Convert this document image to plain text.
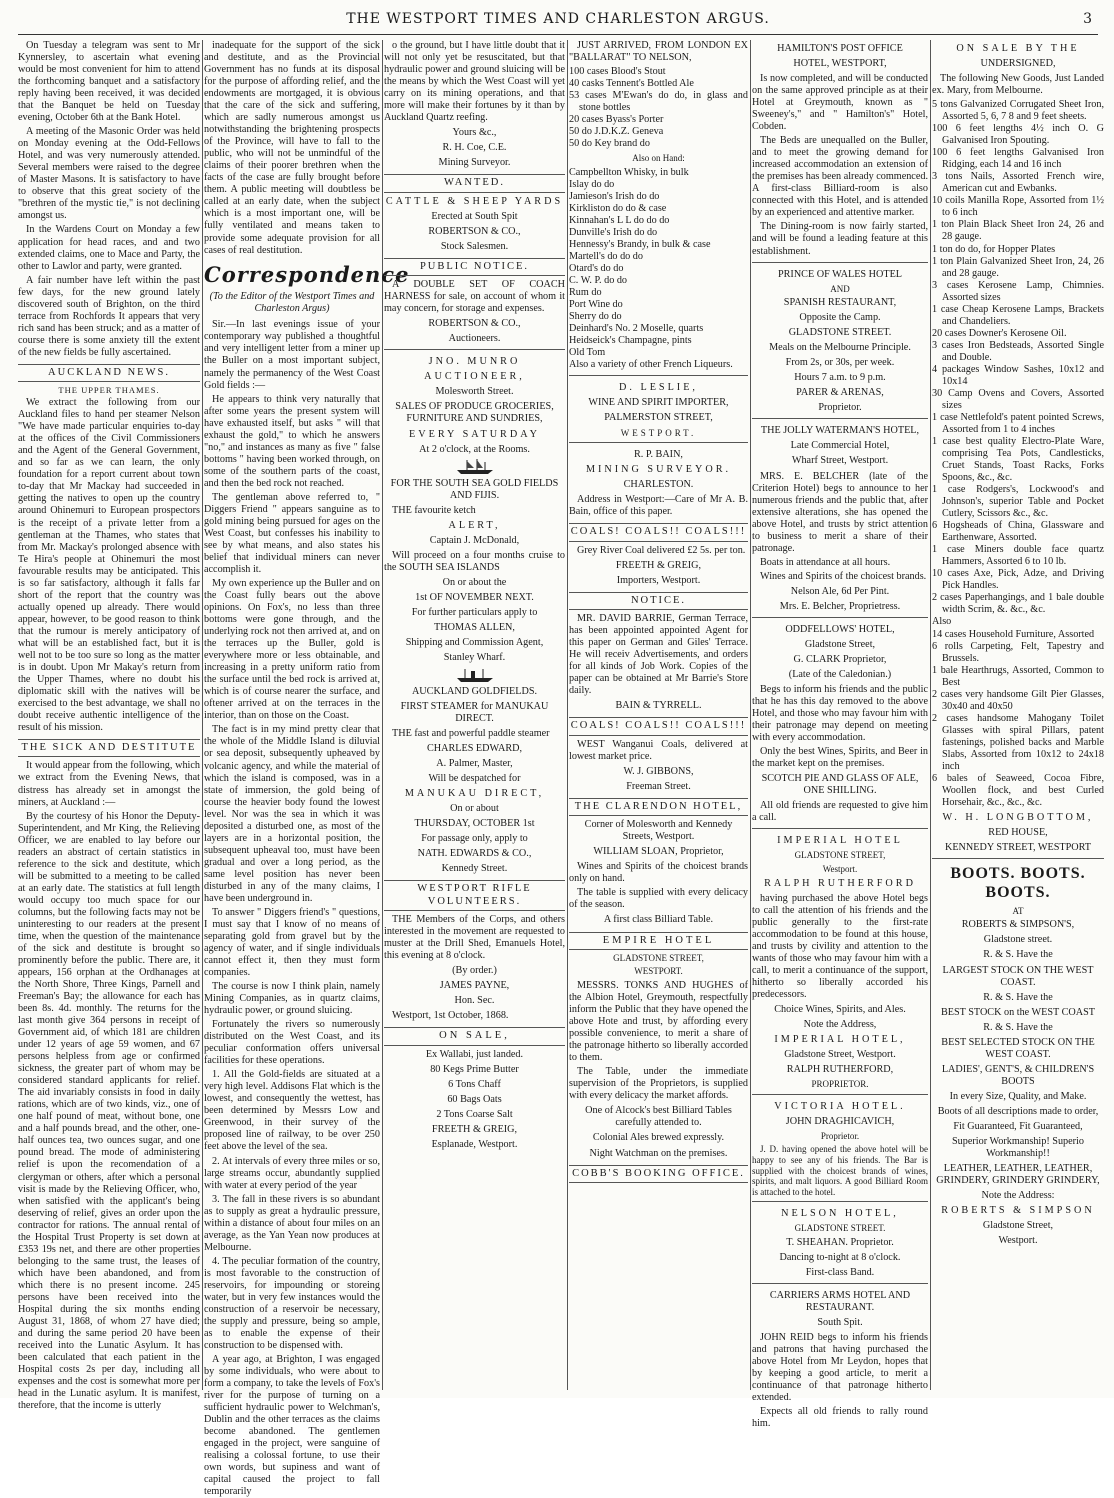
THE WESTPORT TIMES AND CHARLESTON ARGUS.	3

On Tuesday a telegram was sent to Mr Kynnersley, to ascertain what evening would be most convenient for him to attend the forthcoming banquet and a satisfactory reply having been received, it was decided that the Banquet be held on Tuesday evening, October 6th at the Bank Hotel.

A meeting of the Masonic Order was held on Monday evening at the Odd-Fellows Hotel, and was very numerously attended. Several members were raised to the degree of Master Masons. It is satisfactory to have to observe that this great society of the "brethren of the mystic tie," is not declining amongst us.

In the Wardens Court on Monday a few application for head races, and and two extended claims, one to Mace and Party, the other to Lawlor and party, were granted.

A fair number have left within the past few days, for the new ground lately discovered south of Brighton, on the third terrace from Rochfords It appears that very rich sand has been struck; and as a matter of course there is some anxiety till the extent of the new fields be fully ascertained.

AUCKLAND NEWS.
THE UPPER THAMES.

We extract the following from our Auckland files to hand per steamer Nelson "We have made particular enquiries to-day at the offices of the Civil Commissioners and the Agent of the General Government, and so far as we can learn, the only foundation for a report current about town to-day that Mr Mackay had succeeded in getting the natives to open up the country around Ohinemuri to European prospectors is the receipt of a private letter from a gentleman at the Thames, who states that from Mr. Mackay's prolonged absence with Te Hira's people at Ohinemuri the most favourable results may be anticipated. This is so far satisfactory, although it falls far short of the report that the country was actually opened up already. There would appear, however, to be good reason to think that the rumour is merely anticipatory of what will be an established fact, but it is well not to be too sure so long as the matter is in doubt. Upon Mr Makay's return from the Upper Thames, where no doubt his diplomatic skill with the natives will be exercised to the best advantage, we shall no doubt receive authentic intelligence of the result of his mission.

THE SICK AND DESTITUTE

It would appear from the following, which we extract from the Evening News, that distress has already set in amongst the miners, at Auckland :—

By the courtesy of his Honor the Deputy-Superintendent, and Mr King, the Relieving Officer, we are enabled to lay before our readers an abstract of certain statistics in reference to the sick and destitute, which will be submitted to a meeting to be called at an early date. The statistics at full length would occupy too much space for our columns, but the following facts may not be uninteresting to our readers at the present time, when the question of the maintenance of the sick and destitute is brought so prominently before the public. There are, it appears, 156 orphan at the Ordhanages at the North Shore, Three Kings, Parnell and Freeman's Bay; the allowance for each has been 8s. 4d. monthly. The returns for the last month give 364 persons in receipt of Government aid, of which 181 are children under 12 years of age 59 women, and 67 persons helpless from age or confirmed sickness, the greater part of whom may be considered standard applicants for relief. The aid invariably consists in food in daily rations, which are of two kinds, viz., one of one half pound of meat, without bone, one and a half pounds bread, and the other, one-half ounces tea, two ounces sugar, and one pound bread. The mode of administering relief is upon the recomendation of a clergyman or others, after which a personal visit is made by the Relieving Officer, who, when satisfied with the applicant's being deserving of relief, gives an order upon the contractor for rations. The annual rental of the Hospital Trust Property is set down at £353 19s net, and there are other properties belonging to the same trust, the leases of which have been abandoned, and from which there is no present income. 245 persons have been received into the Hospital during the six months ending August 31, 1868, of whom 27 have died; and during the same period 20 have been received into the Lunatic Asylum. It has been calculated that each patient in the Hospital costs 2s per day, including all expenses and the cost is somewhat more per head in the Lunatic asylum. It is manifest, therefore, that the income is utterly

inadequate for the support of the sick and destitute, and as the Provincial Government has no funds at its disposal for the purpose of affording relief, and the endowments are mortgaged, it is obvious that the care of the sick and suffering, which are sadly numerous amongst us notwithstanding the brightening prospects of the Province, will have to fall to the public, who will not be unmindful of the claims of their poorer brethren when the facts of the case are fully brought before them. A public meeting will doubtless be called at an early date, when the subject which is a most important one, will be fully ventilated and means taken to provide some adequate provision for all cases of real destitution.

Correspondence
(To the Editor of the Westport Times and Charleston Argus)

Sir.—In last evenings issue of your contemporary way published a thoughtful and very intelligent letter from a miner up the Buller on a most important subject, namely the permanency of the West Coast Gold fields :—

He appears to think very naturally that after some years the present system will have exhausted itself, but asks " will that exhaust the gold," to which he answers "no," and instances as many as five " false bottoms " having been worked through, on some of the southern parts of the coast, and then the bed rock not reached.

The gentleman above referred to, " Diggers Friend " appears sanguine as to gold mining being pursued for ages on the West Coast, but confesses his inability to see by what means, and also states his belief that individual miners can never accomplish it.

My own experience up the Buller and on the Coast fully bears out the above opinions. On Fox's, no less than three bottoms were gone through, and the underlying rock not then arrived at, and on the terraces up the Buller, gold is everywhere more or less obtainable, and increasing in a pretty uniform ratio from the surface until the bed rock is arrived at, which is of course nearer the surface, and oftener arrived at on the terraces in the interior, than on those on the Coast.

The fact is in my mind pretty clear that the whole of the Middle Island is diluvial or sea deposit, subsequently upheaved by volcanic agency, and while the material of which the island is composed, was in a state of immersion, the gold being of course the heavier body found the lowest level. Nor was the sea in which it was deposited a disturbed one, as most of the layers are in a horizontal position, the subsequent upheaval too, must have been gradual and over a long period, as the same level position has never been disturbed in any of the many claims, I have been underground in.

To answer " Diggers friend's " questions, I must say that I know of no means of separating gold from gravel but by the agency of water, and if single individuals cannot effect it, then they must form companies.

The course is now I think plain, namely Mining Companies, as in quartz claims, hydraulic power, or ground sluicing.

Fortunately the rivers so numerously distributed on the West Coast, and its peculiar conformation offers universal facilities for these operations.

1. All the Gold-fields are situated at a very high level. Addisons Flat which is the lowest, and consequently the wettest, has been determined by Messrs Low and Greenwood, in their survey of the proposed line of railway, to be over 250 feet above the level of the sea.

2. At intervals of every three miles or so, large streams occur, abundantly supplied with water at every period of the year

3. The fall in these rivers is so abundant as to supply as great a hydraulic pressure, within a distance of about four miles on an average, as the Yan Yean now produces at Melbourne.

4. The peculiar formation of the country, is most favorable to the construction of reservoirs, for impounding or storeing water, but in very few instances would the construction of a reservoir be necessary, the supply and pressure, being so ample, as to enable the expense of their construction to be dispensed with.

A year ago, at Brighton, I was engaged by some individuals, who were about to form a company, to take the levels of Fox's river for the purpose of turning on a sufficient hydraulic power to Welchman's, Dublin and the other terraces as the claims become abandoned. The gentlemen engaged in the project, were sanguine of realising a colossal fortune, to use their own words, but supiness and want of capital caused the project to fall temporarily

o the ground, but I have little doubt that it will not only yet be resuscitated, but that hydraulic power and ground sluicing will be the means by which the West Coast will yet carry on its mining operations, and that more will make their fortunes by it than by Auckland Quartz reefing.

Yours &c.,
R. H. Coe, C.E.
Mining Surveyor.
WANTED.
CATTLE & SHEEP YARDS
Erected at South Spit
ROBERTSON & CO.,
Stock Salesmen.
PUBLIC NOTICE.

A DOUBLE SET OF COACH HARNESS for sale, on account of whom it may concern, for storage and expenses.

ROBERTSON & CO.,
Auctioneers.
JNO. MUNRO
AUCTIONEER,
Molesworth Street.
SALES OF PRODUCE GROCERIES, FURNITURE AND SUNDRIES,
EVERY SATURDAY
At 2 o'clock, at the Rooms.
FOR THE SOUTH SEA GOLD FIELDS AND FIJIS.

THE favourite ketch

ALERT,
Captain J. McDonald,

Will proceed on a four months cruise to the SOUTH SEA ISLANDS

On or about the
1st OF NOVEMBER NEXT.
For further particulars apply to
THOMAS ALLEN,
Shipping and Commission Agent,
Stanley Wharf.
AUCKLAND GOLDFIELDS.
FIRST STEAMER for MANUKAU DIRECT.

THE fast and powerful paddle steamer

CHARLES EDWARD,
A. Palmer, Master,
Will be despatched for
MANUKAU DIRECT,
On or about
THURSDAY, OCTOBER 1st
For passage only, apply to
NATH. EDWARDS & CO.,
Kennedy Street.
WESTPORT RIFLE VOLUNTEERS.

THE Members of the Corps, and others interested in the movement are requested to muster at the Drill Shed, Emanuels Hotel, this evening at 8 o'clock.

(By order.)
JAMES PAYNE,
Hon. Sec.

Westport, 1st October, 1868.

ON SALE,
Ex Wallabi, just landed.
80 Kegs Prime Butter
6 Tons Chaff
60 Bags Oats
2 Tons Coarse Salt
FREETH & GREIG,
Esplanade, Westport.

JUST ARRIVED, FROM LONDON EX "BALLARAT" TO NELSON,

100 cases Blood's Stout
40 casks Tennent's Bottled Ale
53 cases M'Ewan's do do, in glass and stone bottles
20 cases Byass's Porter
50 do J.D.K.Z. Geneva
50 do Key brand do
Also on Hand:
Campbellton Whisky, in bulk
Islay do do
Jamieson's Irish do do
Kirkliston do do & case
Kinnahan's L L do do do
Dunville's Irish do do
Hennessy's Brandy, in bulk & case
Martell's do do do
Otard's do do
C. W. P. do do
Rum do
Port Wine do
Sherry do do
Deinhard's No. 2 Moselle, quarts
Heidseick's Champagne, pints
Old Tom
Also a variety of other French Liqueurs.
D. LESLIE,
WINE AND SPIRIT IMPORTER,
PALMERSTON STREET,
WESTPORT.
R. P. BAIN,
MINING SURVEYOR.
CHARLESTON.

Address in Westport:—Care of Mr A. B. Bain, office of this paper.

COALS! COALS!! COALS!!!

Grey River Coal delivered £2 5s. per ton.

FREETH & GREIG,
Importers, Westport.
NOTICE.

MR. DAVID BARRIE, German Terrace, has been appointed appointed Agent for this paper on German and Giles' Terrace. He will receiv Advertisements, and orders for all kinds of Job Work. Copies of the paper can be obtained at Mr Barrie's Store daily.

BAIN & TYRRELL.
COALS! COALS!! COALS!!!

WEST Wanganui Coals, delivered at lowest market price.

W. J. GIBBONS,
Freeman Street.
THE CLARENDON HOTEL,
Corner of Molesworth and Kennedy Streets, Westport.
WILLIAM SLOAN, Proprietor,

Wines and Spirits of the choicest brands only on hand.

The table is supplied with every delicacy of the season.

A first class Billiard Table.
EMPIRE HOTEL
GLADSTONE STREET,
WESTPORT.

MESSRS. TONKS AND HUGHES of the Albion Hotel, Greymouth, respectfully inform the Public that they have opened the above Hote and trust, by affording every possible convenience, to merit a share of the patronage hitherto so liberally accorded to them.

The Table, under the immediate supervision of the Proprietors, is supplied with every delicacy the market affords.

One of Alcock's best Billiard Tables carefully attended to.
Colonial Ales brewed expressly.
Night Watchman on the premises.
COBB'S BOOKING OFFICE.
HAMILTON'S POST OFFICE
HOTEL, WESTPORT,

Is now completed, and will be conducted on the same approved principle as at their Hotel at Greymouth, known as " Sweeney's," and " Hamilton's" Hotel, Cobden.

The Beds are unequalled on the Buller, and to meet the growing demand for increased accommodation an extension of the premises has been already commenced. A first-class Billiard-room is also connected with this Hotel, and is attended by an experienced and attentive marker.

The Dining-room is now fairly started, and will be found a leading feature at this establishment.

PRINCE OF WALES HOTEL
AND
SPANISH RESTAURANT,
Opposite the Camp.
GLADSTONE STREET.
Meals on the Melbourne Principle.
From 2s, or 30s, per week.
Hours 7 a.m. to 9 p.m.
PARER & ARENAS,
Proprietor.
THE JOLLY WATERMAN'S HOTEL,
Late Commercial Hotel,
Wharf Street, Westport.

MRS. E. BELCHER (late of the Criterion Hotel) begs to announce to her numerous friends and the public that, after extensive alterations, she has opened the above Hotel, and trusts by strict attention to business to merit a share of their patronage.

Boats in attendance at all hours.

Wines and Spirits of the choicest brands.

Nelson Ale, 6d Per Pint.
Mrs. E. Belcher, Proprietress.
ODDFELLOWS' HOTEL,
Gladstone Street,
G. CLARK Proprietor,
(Late of the Caledonian.)

Begs to inform his friends and the public that he has this day removed to the above Hotel, and those who may favour him with their patronage may depend on meeting with every accommodation.

Only the best Wines, Spirits, and Beer in the market kept on the premises.

SCOTCH PIE AND GLASS OF ALE, ONE SHILLING.

All old friends are requested to give him a call.

IMPERIAL HOTEL
GLADSTONE STREET,
Westport.
RALPH RUTHERFORD

having purchased the above Hotel begs to call the attention of his friends and the public generally to the first-rate accommodation to be found at this house, and trusts by civility and attention to the wants of those who may favour him with a call, to merit a continuance of the support, hitherto so liberally accorded his predecessors.

Choice Wines, Spirits, and Ales.
Note the Address,
IMPERIAL HOTEL,
Gladstone Street, Westport.
RALPH RUTHERFORD,
PROPRIETOR.
VICTORIA HOTEL.
JOHN DRAGHICAVICH,
Proprietor.

J. D. having opened the above hotel will be happy to see any of his friends. The Bar is supplied with the choicest brands of wines, spirits, and malt liquors. A good Billiard Room is attached to the hotel.

NELSON HOTEL,
GLADSTONE STREET.
T. SHEAHAN. Proprietor.
Dancing to-night at 8 o'clock.
First-class Band.
CARRIERS ARMS HOTEL AND RESTAURANT.
South Spit.

JOHN REID begs to inform his friends and patrons that having purchased the above Hotel from Mr Leydon, hopes that by keeping a good article, to merit a continuance of that patronage hitherto extended.

Expects all old friends to rally round him.

ON SALE BY THE
UNDERSIGNED,

The following New Goods, Just Landed ex. Mary, from Melbourne.

5 tons Galvanized Corrugated Sheet Iron, Assorted 5, 6, 7 8 and 9 feet sheets.
100 6 feet lengths 4½ inch O. G Galvanised Iron Spouting.
100 6 feet lengths Galvanised Iron Ridging, each 14 and 16 inch
3 tons Nails, Assorted French wire, American cut and Ewbanks.
10 coils Manilla Rope, Assorted from 1½ to 6 inch
1 ton Plain Black Sheet Iron 24, 26 and 28 gauge.
1 ton do do, for Hopper Plates
1 ton Plain Galvanized Sheet Iron, 24, 26 and 28 gauge.
3 cases Kerosene Lamp, Chimnies. Assorted sizes
1 case Cheap Kerosene Lamps, Brackets and Chandeliers.
20 cases Downer's Kerosene Oil.
3 cases Iron Bedsteads, Assorted Single and Double.
4 packages Window Sashes, 10x12 and 10x14
30 Camp Ovens and Covers, Assorted sizes
1 case Nettlefold's patent pointed Screws, Assorted from 1 to 4 inches
1 case best quality Electro-Plate Ware, comprising Tea Pots, Candlesticks, Cruet Stands, Toast Racks, Forks Spoons, &c., &c.
1 case Rodgers's, Lockwood's and Johnson's, superior Table and Pocket Cutlery, Scissors &c., &c.
6 Hogsheads of China, Glassware and Earthenware, Assorted.
1 case Miners double face quartz Hammers, Assorted 6 to 10 lb.
10 cases Axe, Pick, Adze, and Driving Pick Handles.
2 cases Paperhangings, and 1 bale double width Scrim, &. &c., &c.
Also
14 cases Household Furniture, Assorted
6 rolls Carpeting, Felt, Tapestry and Brussels.
1 bale Hearthrugs, Assorted, Common to Best
2 cases very handsome Gilt Pier Glasses, 30x40 and 40x50
2 cases handsome Mahogany Toilet Glasses with spiral Pillars, patent fastenings, polished backs and Marble Slabs, Assorted from 10x12 to 24x18 inch
6 bales of Seaweed, Cocoa Fibre, Woollen flock, and best Curled Horsehair, &c., &c., &c.
W. H. LONGBOTTOM,
RED HOUSE,
KENNEDY STREET, WESTPORT
BOOTS. BOOTS. BOOTS.
AT
ROBERTS & SIMPSON'S,
Gladstone street.
R. & S. Have the
LARGEST STOCK ON THE WEST COAST.
R. & S. Have the
BEST STOCK on the WEST COAST
R. & S. Have the
BEST SELECTED STOCK ON THE WEST COAST.
LADIES', GENT'S, & CHILDREN'S BOOTS
In every Size, Quality, and Make.
Boots of all descriptions made to order,
Fit Guaranteed, Fit Guaranteed,
Superior Workmanship! Superio Workmanship!!
LEATHER, LEATHER, LEATHER, GRINDERY, GRINDERY GRINDERY,
Note the Address:
ROBERTS & SIMPSON
Gladstone Street,
Westport.
